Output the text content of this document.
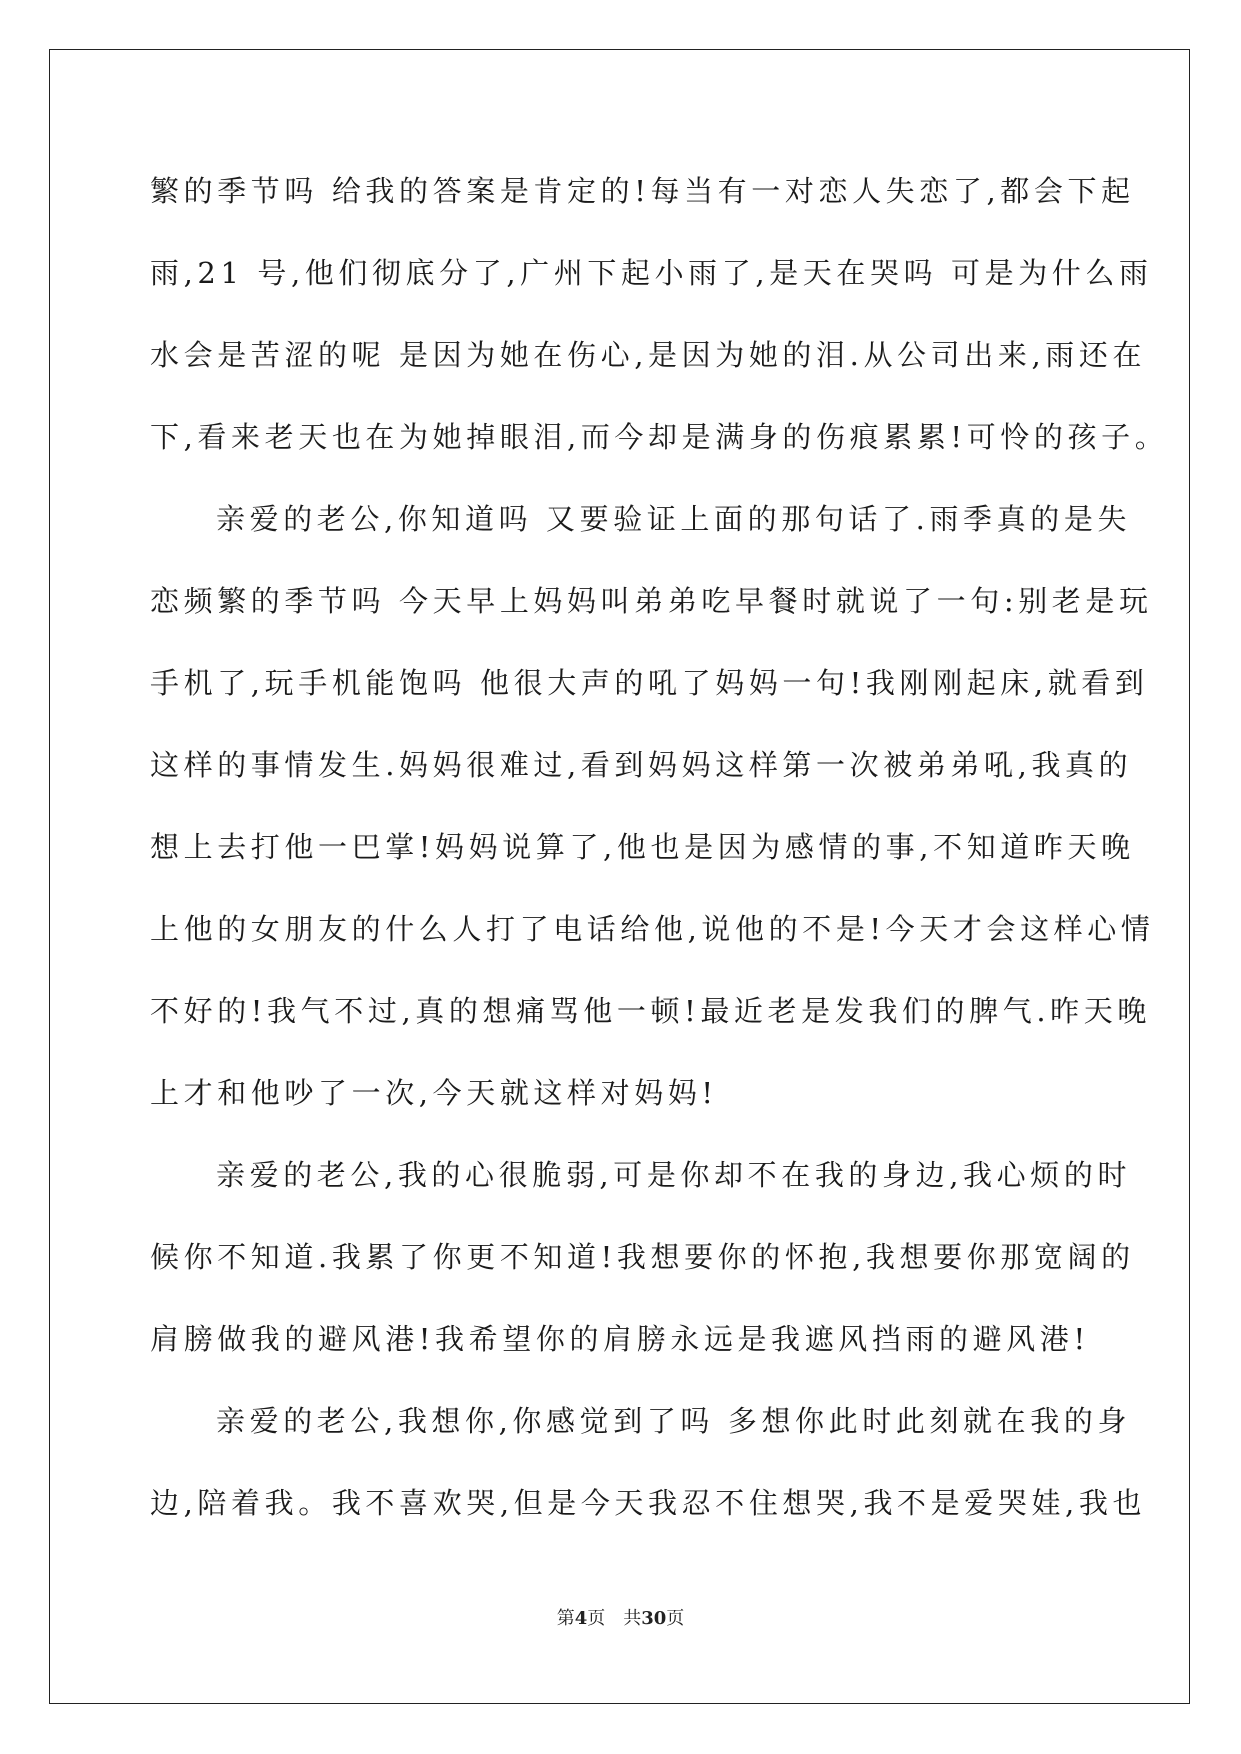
繁的季节吗 给我的答案是肯定的!每当有一对恋人失恋了,都会下起
雨,21 号,他们彻底分了,广州下起小雨了,是天在哭吗 可是为什么雨
水会是苦涩的呢 是因为她在伤心,是因为她的泪.从公司出来,雨还在
下,看来老天也在为她掉眼泪,而今却是满身的伤痕累累!可怜的孩子。
亲爱的老公,你知道吗 又要验证上面的那句话了.雨季真的是失
恋频繁的季节吗 今天早上妈妈叫弟弟吃早餐时就说了一句:别老是玩
手机了,玩手机能饱吗 他很大声的吼了妈妈一句!我刚刚起床,就看到
这样的事情发生.妈妈很难过,看到妈妈这样第一次被弟弟吼,我真的
想上去打他一巴掌!妈妈说算了,他也是因为感情的事,不知道昨天晚
上他的女朋友的什么人打了电话给他,说他的不是!今天才会这样心情
不好的!我气不过,真的想痛骂他一顿!最近老是发我们的脾气.昨天晚
上才和他吵了一次,今天就这样对妈妈!
亲爱的老公,我的心很脆弱,可是你却不在我的身边,我心烦的时
候你不知道.我累了你更不知道!我想要你的怀抱,我想要你那宽阔的
肩膀做我的避风港!我希望你的肩膀永远是我遮风挡雨的避风港!
亲爱的老公,我想你,你感觉到了吗 多想你此时此刻就在我的身
边,陪着我。我不喜欢哭,但是今天我忍不住想哭,我不是爱哭娃,我也
第4页 共30页
